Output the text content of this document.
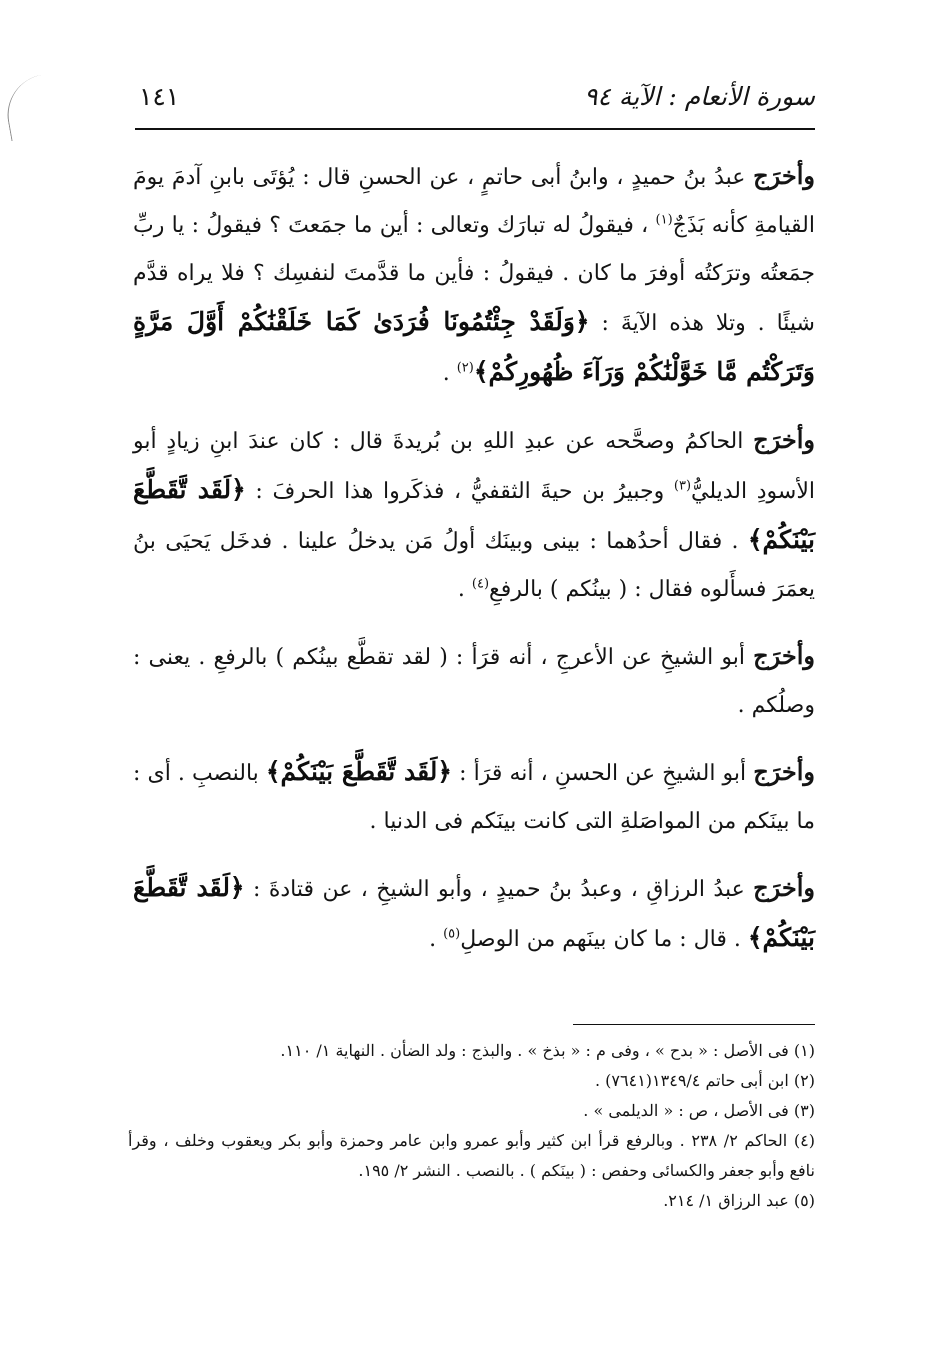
سورة الأنعام : الآية ٩٤
١٤١

وأخرَج عبدُ بنُ حميدٍ ، وابنُ أبى حاتمٍ ، عن الحسنِ قال : يُؤتَى بابنِ آدمَ يومَ القيامةِ كأنه بَذَجٌ$^{(١)}$ ، فيقولُ له تبارَك وتعالى : أين ما جمَعتَ ؟ فيقولُ : يا ربِّ جمَعتُه وترَكتُه أوفرَ ما كان . فيقولُ : فأين ما قدَّمتَ لنفسِك ؟ فلا يراه قدَّم شيئًا . وتلا هذه الآيةَ : ﴿وَلَقَدْ جِئْتُمُونَا فُرَدَىٰ كَمَا خَلَقْنَٰكُمْ أَوَّلَ مَرَّةٍ وَتَرَكْتُم مَّا خَوَّلْنَٰكُمْ وَرَآءَ ظُهُورِكُمْ﴾$^{(٢)}$ .

وأخرَج الحاكمُ وصحَّحه عن عبدِ اللهِ بن بُريدةَ قال : كان عندَ ابنِ زيادٍ أبو الأسودِ الديليُّ$^{(٣)}$ وجبيرُ بن حيةَ الثقفيُّ ، فذكَروا هذا الحرفَ : ﴿لَقَد تَّقَطَّعَ بَيْنَكُمْ﴾ . فقال أحدُهما : بينى وبينَك أولُ مَن يدخلُ علينا . فدخَل يَحيَى بنُ يعمَرَ فسأَلوه فقال : ( بينُكم ) بالرفعِ$^{(٤)}$ .

وأخرَج أبو الشيخِ عن الأعرجِ ، أنه قرَأ : ( لقد تقطَّع بينُكم ) بالرفعِ . يعنى : وصلُكم .

وأخرَج أبو الشيخِ عن الحسنِ ، أنه قرَأ : ﴿لَقَد تَّقَطَّعَ بَيْنَكُمْ﴾ بالنصبِ . أى : ما بينَكم من المواصَلةِ التى كانت بينَكم فى الدنيا .

وأخرَج عبدُ الرزاقِ ، وعبدُ بنُ حميدٍ ، وأبو الشيخِ ، عن قتادةَ : ﴿لَقَد تَّقَطَّعَ بَيْنَكُمْ﴾ . قال : ما كان بينَهم من الوصلِ$^{(٥)}$ .

(١) فى الأصل : « بدح » ، وفى م : « بذخ » . والبذج : ولد الضأن . النهاية ١/ ١١٠.

(٢) ابن أبى حاتم ١٣٤٩/٤(٧٦٤١) .

(٣) فى الأصل ، ص : « الديلمى » .

(٤) الحاكم ٢/ ٢٣٨ . وبالرفع قرأ ابن كثير وأبو عمرو وابن عامر وحمزة وأبو بكر ويعقوب وخلف ، وقرأ نافع وأبو جعفر والكسائى وحفص : ( بينَكم ) . بالنصب . النشر ٢/ ١٩٥.

(٥) عبد الرزاق ١/ ٢١٤.
